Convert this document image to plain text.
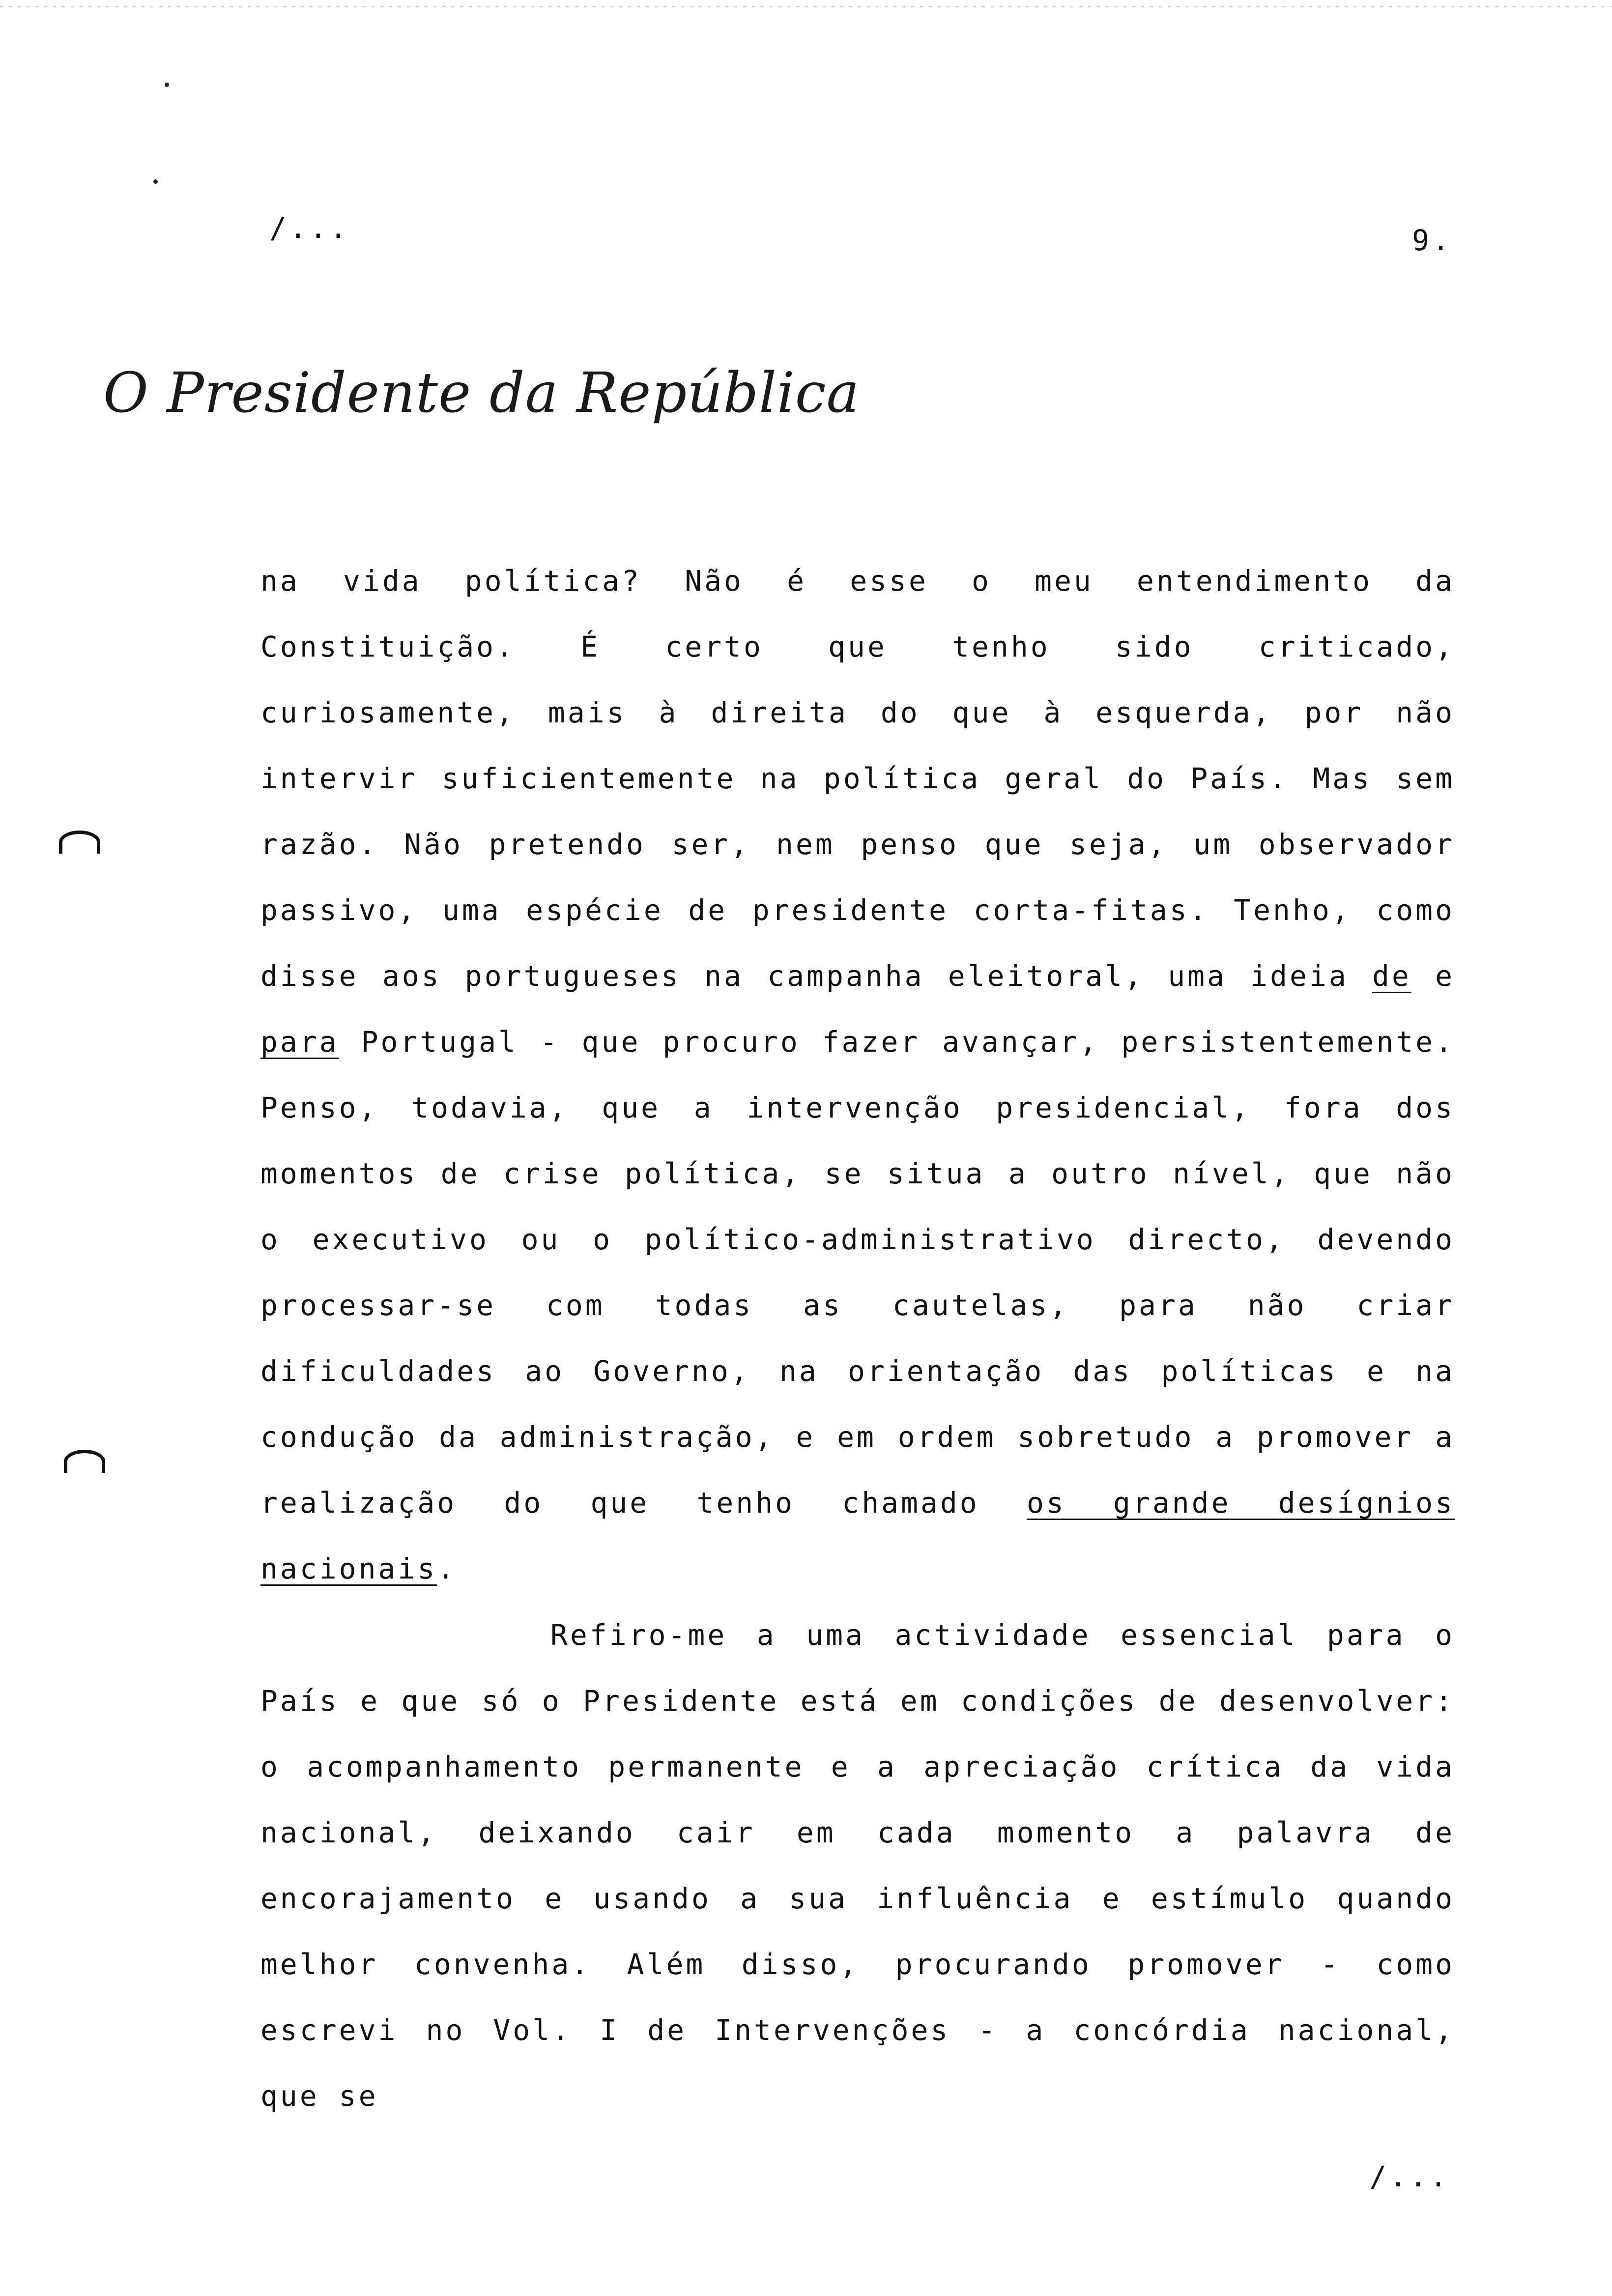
/...	9.
O Presidente da República

na vida política? Não é esse o meu entendimento da Constituição. É certo que tenho sido criticado, curiosamente, mais à direita do que à esquerda, por não intervir suficientemente na política geral do País. Mas sem razão. Não pretendo ser, nem penso que seja, um observador passivo, uma espécie de presidente corta-fitas. Tenho, como disse aos portugueses na campanha eleitoral, uma ideia de e para Portugal - que procuro fazer avançar, persistentemente. Penso, todavia, que a intervenção presidencial, fora dos momentos de crise política, se situa a outro nível, que não o executivo ou o político-administrativo directo, devendo processar-se com todas as cautelas, para não criar dificuldades ao Governo, na orientação das políticas e na condução da administração, e em ordem sobretudo a promover a realização do que tenho chamado os grande desígnios nacionais.

Refiro-me a uma actividade essencial para o País e que só o Presidente está em condições de desenvolver: o acompanhamento permanente e a apreciação crítica da vida nacional, deixando cair em cada momento a palavra de encorajamento e usando a sua influência e estímulo quando melhor convenha. Além disso, procurando promover - como escrevi no Vol. I de Intervenções - a concórdia nacional, que se

/...
